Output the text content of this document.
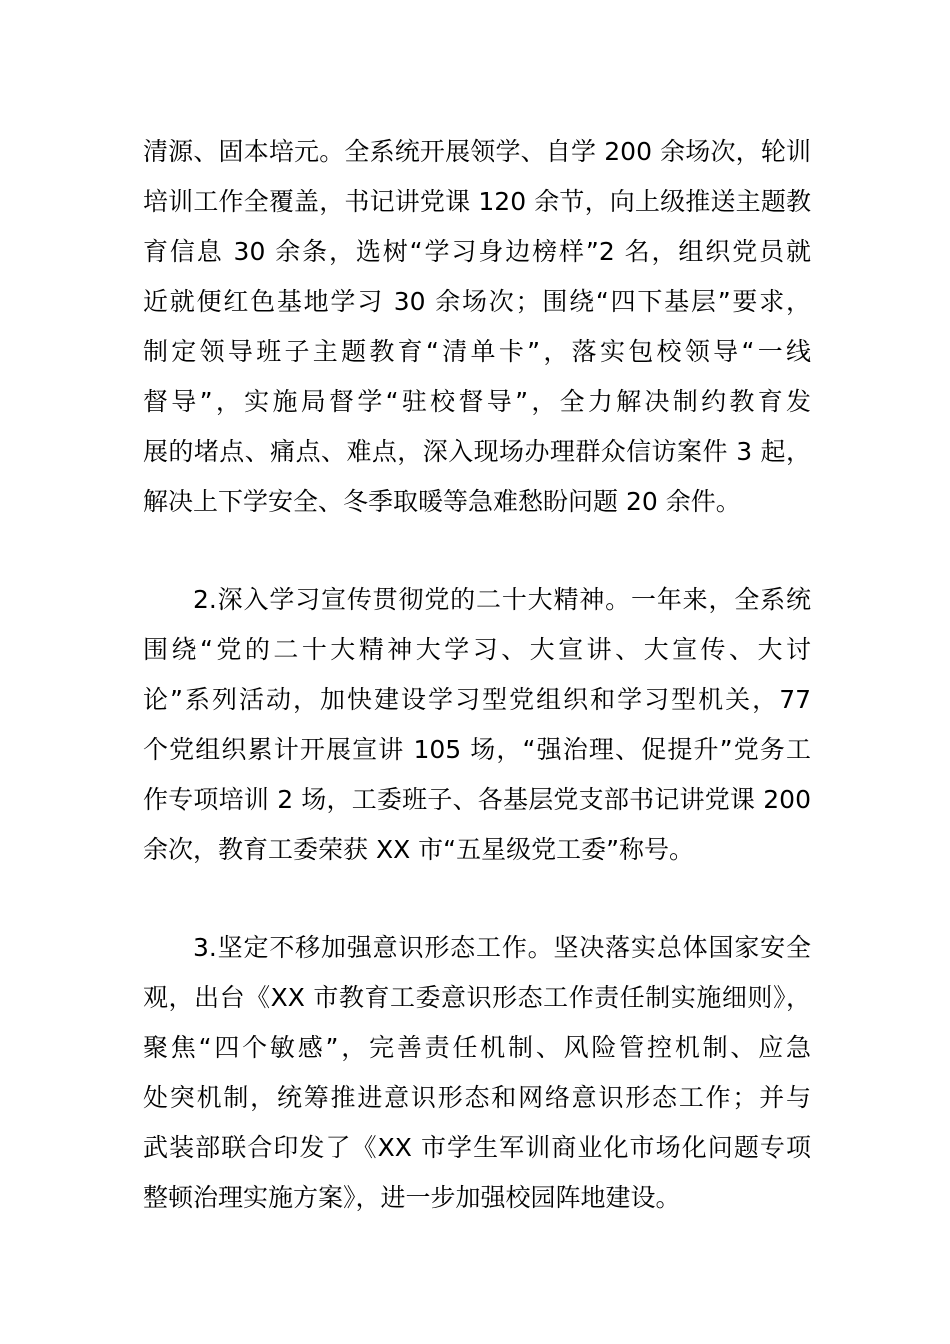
清源、固本培元。全系统开展领学、自学 200 余场次，轮训
培训工作全覆盖，书记讲党课 120 余节，向上级推送主题教
育信息 30 余条，选树“学习身边榜样”2 名，组织党员就
近就便红色基地学习 30 余场次；围绕“四下基层”要求，
制定领导班子主题教育“清单卡”，落实包校领导“一线
督导”，实施局督学“驻校督导”，全力解决制约教育发
展的堵点、痛点、难点，深入现场办理群众信访案件 3 起，
解决上下学安全、冬季取暖等急难愁盼问题 20 余件。
2.深入学习宣传贯彻党的二十大精神。一年来，全系统
围绕“党的二十大精神大学习、大宣讲、大宣传、大讨
论”系列活动，加快建设学习型党组织和学习型机关，77
个党组织累计开展宣讲 105 场，“强治理、促提升”党务工
作专项培训 2 场，工委班子、各基层党支部书记讲党课 200
余次，教育工委荣获 XX 市“五星级党工委”称号。
3.坚定不移加强意识形态工作。坚决落实总体国家安全
观，出台《XX 市教育工委意识形态工作责任制实施细则》，
聚焦“四个敏感”，完善责任机制、风险管控机制、应急
处突机制，统筹推进意识形态和网络意识形态工作；并与
武装部联合印发了《XX 市学生军训商业化市场化问题专项
整顿治理实施方案》，进一步加强校园阵地建设。
